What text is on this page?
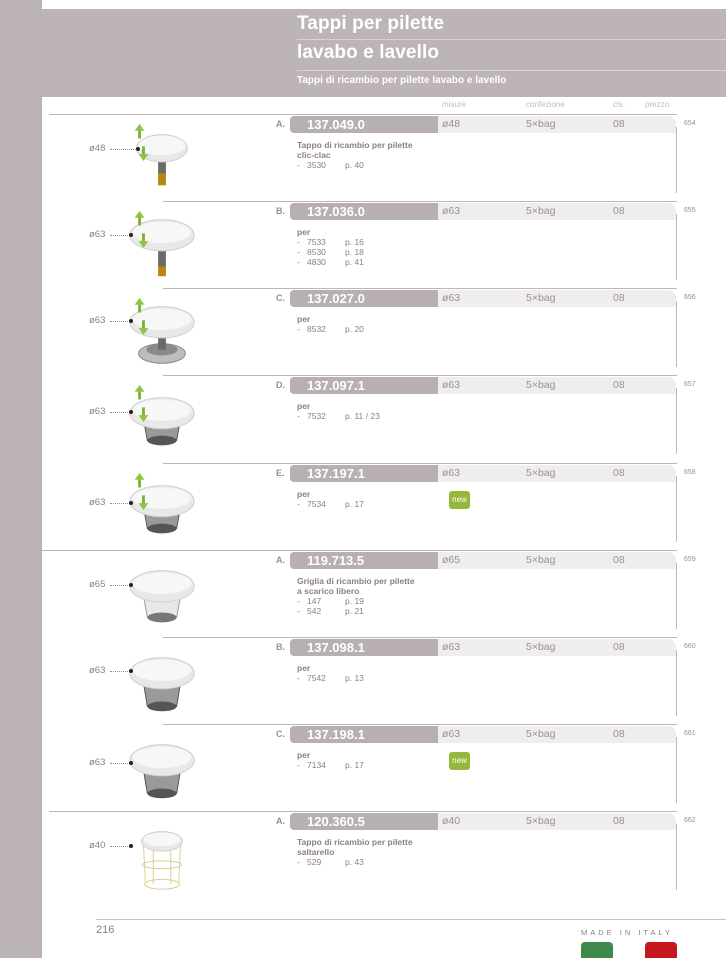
Tappi per pilette
lavabo e lavello
Tappi di ricambio per pilette lavabo e lavello
misure	confezione	cls.	prezzo
A. 137.049.0	ø48	5×bag	08	654
Tappo di ricambio per pilette
clic-clac
- 3530 p. 40
ø48
B. 137.036.0	ø63	5×bag	08	655
per
- 7533 p. 16
- 8530 p. 18
- 4830 p. 41
ø63
C. 137.027.0	ø63	5×bag	08	656
per
- 8532 p. 20
ø63
D. 137.097.1	ø63	5×bag	08	657
per
- 7532 p. 11 / 23
ø63
E. 137.197.1	ø63	5×bag	08	658
per
- 7534 p. 17	new
ø63
A. 119.713.5	ø65	5×bag	08	659
Griglia di ricambio per pilette
a scarico libero
- 147	p. 19
- 542	p. 21
ø65
B. 137.098.1	ø63	5×bag	08	660
per
- 7542 p. 13
ø63
C. 137.198.1	ø63	5×bag	08	661
per
- 7134 p. 17	new
ø63
A. 120.360.5	ø40	5×bag	08	662
Tappo di ricambio per pilette
saltarello
- 529	p. 43
ø40
216	MADE IN ITALY
